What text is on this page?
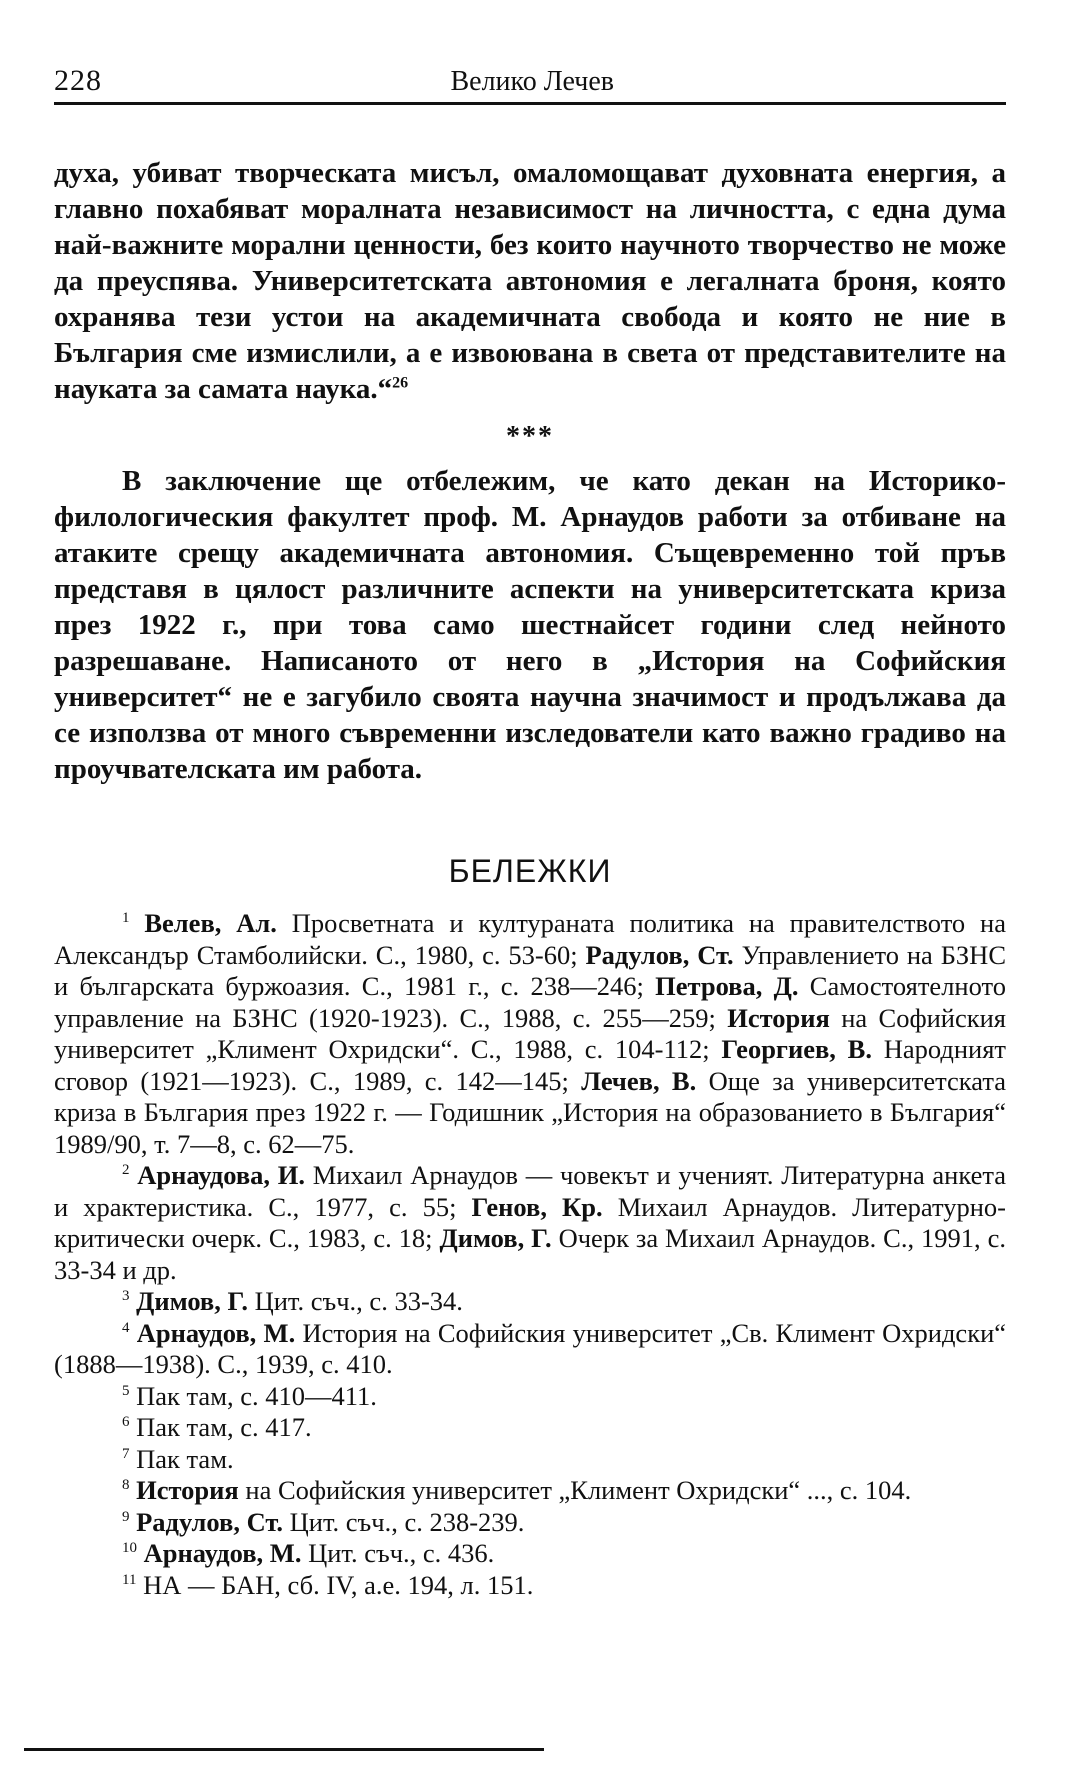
228	Велико Лечев

духа, убиват творческата мисъл, омаломощават духовната енергия, а главно похабяват моралната независимост на личността, с една дума най-важните морални ценности, без които научното творчество не може да преуспява. Университетската автономия е легалната броня, която охранява тези устои на академичната свобода и която не ние в България сме измислили, а е извоювана в света от представителите на науката за самата наука.“$^{26}$

***

В заключение ще отбележим, че като декан на Историко-филологическия факултет проф. М. Арнаудов работи за отбиване на атаките срещу академичната автономия. Същевременно той пръв представя в цялост различните аспекти на университетската криза през 1922 г., при това само шестнайсет години след нейното разрешаване. Написаното от него в „История на Софийския университет“ не е загубило своята научна значимост и продължава да се използва от много съвременни изследователи като важно градиво на проучвателската им работа.

БЕЛЕЖКИ

$^1$ Велев, Ал. Просветната и култураната политика на правителството на Александър Стамболийски. С., 1980, с. 53-60; Радулов, Ст. Управлението на БЗНС и българската буржоазия. С., 1981 г., с. 238—246; Петрова, Д. Самостоятелното управление на БЗНС (1920-1923). С., 1988, с. 255—259; История на Софийския университет „Климент Охридски“. С., 1988, с. 104-112; Георгиев, В. Народният сговор (1921—1923). С., 1989, с. 142—145; Лечев, В. Още за университетската криза в България през 1922 г. — Годишник „История на образованието в България“ 1989/90, т. 7—8, с. 62—75.

$^2$ Арнаудова, И. Михаил Арнаудов — човекът и ученият. Литературна анкета и храктеристика. С., 1977, с. 55; Генов, Кр. Михаил Арнаудов. Литературно-критически очерк. С., 1983, с. 18; Димов, Г. Очерк за Михаил Арнаудов. С., 1991, с. 33-34 и др.

$^3$ Димов, Г. Цит. съч., с. 33-34.

$^4$ Арнаудов, М. История на Софийския университет „Св. Климент Охридски“ (1888—1938). С., 1939, с. 410.

$^5$ Пак там, с. 410—411.

$^6$ Пак там, с. 417.

$^7$ Пак там.

$^8$ История на Софийския университет „Климент Охридски“ ..., с. 104.

$^9$ Радулов, Ст. Цит. съч., с. 238-239.

$^{10}$ Арнаудов, М. Цит. съч., с. 436.

$^{11}$ НА — БАН, сб. IV, а.е. 194, л. 151.
